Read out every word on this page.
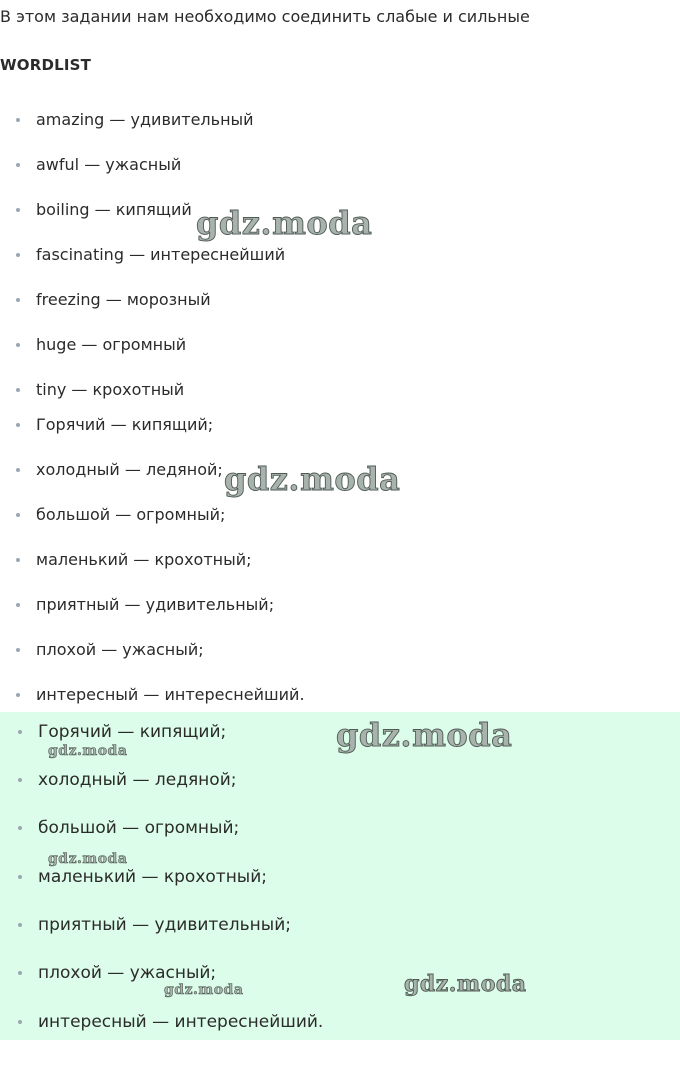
В этом задании нам необходимо соединить слабые и сильные
WORDLIST
amazing — удивительный
awful — ужасный
boiling — кипящий
fascinating — интереснейший
freezing — морозный
huge — огромный
tiny — крохотный
Горячий — кипящий;
холодный — ледяной;
большой — огромный;
маленький — крохотный;
приятный — удивительный;
плохой — ужасный;
интересный — интереснейший.
Горячий — кипящий;
холодный — ледяной;
большой — огромный;
маленький — крохотный;
приятный — удивительный;
плохой — ужасный;
интересный — интереснейший.
gdz.moda
gdz.moda
gdz.moda
gdz.moda
gdz.moda
gdz.moda
gdz.moda
